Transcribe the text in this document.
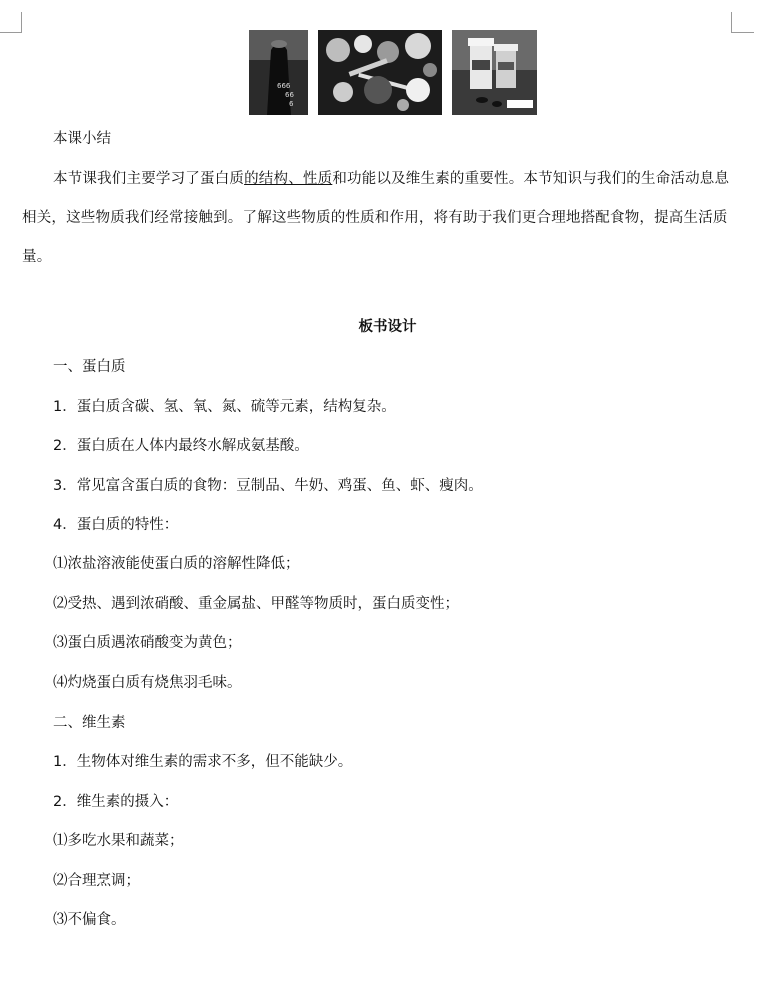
666
66
6
本课小结
本节课我们主要学习了蛋白质的结构、性质和功能以及维生素的重要性。本节知识与我们的生命活动息息相关，这些物质我们经常接触到。了解这些物质的性质和作用，将有助于我们更合理地搭配食物，提高生活质量。
板书设计
一、蛋白质
1．蛋白质含碳、氢、氧、氮、硫等元素，结构复杂。
2．蛋白质在人体内最终水解成氨基酸。
3．常见富含蛋白质的食物：豆制品、牛奶、鸡蛋、鱼、虾、瘦肉。
4．蛋白质的特性：
⑴浓盐溶液能使蛋白质的溶解性降低；
⑵受热、遇到浓硝酸、重金属盐、甲醛等物质时，蛋白质变性；
⑶蛋白质遇浓硝酸变为黄色；
⑷灼烧蛋白质有烧焦羽毛味。
二、维生素
1．生物体对维生素的需求不多，但不能缺少。
2．维生素的摄入：
⑴多吃水果和蔬菜；
⑵合理烹调；
⑶不偏食。
